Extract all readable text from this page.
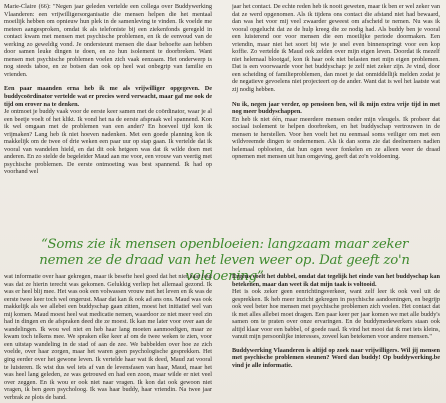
Marie-Claire (66): "Negen jaar geleden vertelde een collega over Buddywerking Vlaanderen: een vrijwilligersorganisatie die mensen helpen die het mentaal moeilijk hebben om opnieuw hun plek in de samenleving te vinden. Ik voelde me meteen aangesproken, omdat ik als telefoniste bij een ziekenfonds geregeld in contact kwam met mensen met psychische problemen, en ik de eenvoud van de werking zo geweldig vond. Je ondersteunt mensen die daar behoefte aan hebben door samen leuke dingen te doen, en zo hun isolement te doorbreken. Want mensen met psychische problemen voelen zich vaak eenzaam. Het onderwerp is nog steeds taboe, en ze botsen dan ook op heel wat onbegrip van familie en vrienden.

Een paar maanden erna heb ik me als vrijwilliger opgegeven. De buddycoördinator vertelde wat er precies werd verwacht, maar gaf me ook de tijd om erover na te denken.

Je ontmoet je buddy vaak voor de eerste keer samen met de coördinator, waar je al een beetje voelt of het klikt. Ik vond het na de eerste afspraak wel spannend. Kon ik wel omgaan met de problemen van een ander? En hoeveel tijd kon ik vrijmaken? Lang heb ik niet hoeven nadenken. Met een goede planning kon ik makkelijk om de twee of drie weken een paar uur op stap gaan. Ik vertelde dat ik vooral van wandelen hield, en dat dit ook hetgeen was dat ik wilde doen met anderen. En zo stelde de begeleider Maud aan me voor, een vrouw van veertig met psychische problemen. De eerste ontmoeting was best spannend. Ik had op voorhand wel

jaar het contact. De echte reden heb ik nooit geweten, maar ik ben er wel zeker van dat ze werd opgenomen. Als ik tijdens ons contact die afstand niet had bewaard, dan was het voor mij veel zwaarder geweest om afscheid te nemen. Nu was ik vooral opgelucht dat ze de hulp kreeg die ze nodig had. Als buddy ben je vooral een luisterend oor voor mensen die een moeilijke periode doormaken. Een vriendin, maar niet het soort bij wie je snel even binnenspringt voor een kop koffie. Zo vertelde ik Maud ook zelden over mijn eigen leven. Doordat ik mezelf niet helemaal blootgaf, kon ik haar ook niet belasten met mijn eigen problemen. Dat is een voorwaarde voor het buddyschap: je zelf niet zeker zijn. Je vind, door een scheiding of familieproblemen, dan moet je dat onmiddellijk melden zodat je de negatieve gevoelens niet projecteert op de ander. Want dat is wel het laatste wat zij nodig hebben.

Nu ik, negen jaar verder, op pensioen ben, wil ik mijn extra vrije tijd in met nog meer buddyschappen.

En heb ik niet één, maar meerdere mensen onder mijn vleugels. Ik probeer dat sociaal isolement te helpen doorbreken, en het buddyschap vertrouwen in de mensen te herstellen. Voor hen voelt het nu eenmaal soms veiliger om met een wildvreemde dingen te ondernemen. Als ik dan soms zie dat deelnemers nadien helemaal opbloeien, dat hun ogen weer fonkelen en ze alleen weer de draad opnemen met mensen uit hun omgeving, geeft dat zo'n voldoening.

“Soms zie ik mensen openbloeien: langzaam maar zeker nemen ze de draad van het leven weer op. Dat geeft zo'n voldoening”

wat informatie over haar gekregen, maar ik besefte heel goed dat het niet haar fout was dat ze hierin terecht was gekomen. Gelukkig verliep het allemaal gezond. Ik was er heel blij mee. Het was ook een volwassen vrouw met het leven en ik was de eerste twee keer toch wel ongerust. Maar dat kan ik ook ad ans ons. Maud was ook makkelijk als we allebei een buddyschap gaan zitten, moest het initiatief wel van mij komen. Maud moest heel wat medicatie nemen, waardoor ze niet meer veel zin had in dingen en de afspraken deed die ze moest. Ik kan me later voor over aan de wandelingen. Ik wou wel niet en heb haar lang moeten aanmoedigen, maar ze kwam toch telkens mee. We spraken elke keer af om de twee weken te zien, voor een uitstap wandeling in de stad of aan de zee. We babbelden over hoe ze zich voelde, over haar zorgen, maar het waren geen psychologische gesprekken. Het ging eerder over het gewone leven. Ik vertelde haar wat ik deed, Maud zat vooral te luisteren. Ik wist dus wel iets af van de levensfasen van haar, Maud, maar het was heel lang geleden, ze was getrouwd en had een zoon, maar wilde er niet veel over zeggen. En ik wou er ook niet naar vragen. Ik kon dat ook gewoon niet vragen, ik ben geen psycholoog. Ik was haar buddy, haar vriendin. Na twee jaar verbrak ze plots de band.

Ergens voelt het dubbel, omdat dat tegelijk het einde van het buddyschap kan betekenen, maar dan weet ik dat mijn taak is voltooid.

Het is ook zeker geen eenrichtingsverkeer, want zelf leer ik ook veel uit de gesprekken. Ik heb meer inzicht gekregen in psychische aandoeningen, en begrijp ook veel beter hoe mensen met psychische problemen zich voelen. Het contact dat ik met alles allebei moet dragen. Een paar keer per jaar komen we met alle buddy's samen om te praten over onze ervaringen. En de buddymedewerkers staan ook altijd klaar voor een babbel, of goede raad. Ik vind het mooi dat ik met iets kleins, vanuit mijn persoonlijke interesses, zoveel kan betekenen voor andere mensen."

Buddywerking Vlaanderen is altijd op zoek naar vrijwilligers. Wil jij mensen met psychische problemen steunen? Word dan buddy! Op buddywerking.be vind je alle informatie.
